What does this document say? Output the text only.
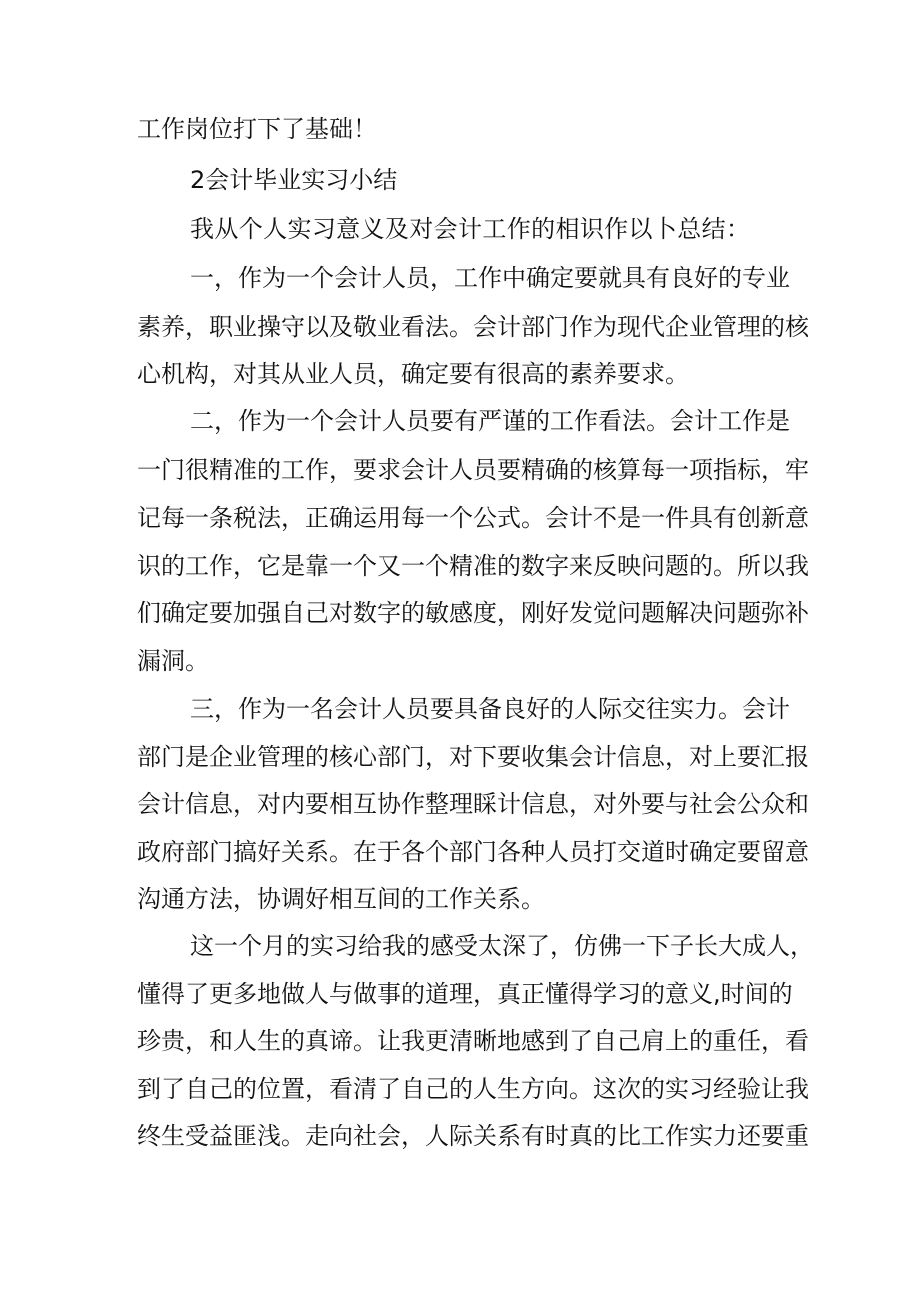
工作岗位打下了基础！
2会计毕业实习小结
我从个人实习意义及对会计工作的相识作以卜总结：
一，作为一个会计人员，工作中确定要就具有良好的专业
素养，职业操守以及敬业看法。会计部门作为现代企业管理的核
心机构，对其从业人员，确定要有很高的素养要求。
二，作为一个会计人员要有严谨的工作看法。会计工作是
一门很精准的工作，要求会计人员要精确的核算每一项指标，牢
记每一条税法，正确运用每一个公式。会计不是一件具有创新意
识的工作，它是靠一个又一个精准的数字来反映问题的。所以我
们确定要加强自己对数字的敏感度，刚好发觉问题解决问题弥补
漏洞。
三，作为一名会计人员要具备良好的人际交往实力。会计
部门是企业管理的核心部门，对下要收集会计信息，对上要汇报
会计信息，对内要相互协作整理睬计信息，对外要与社会公众和
政府部门搞好关系。在于各个部门各种人员打交道时确定要留意
沟通方法，协调好相互间的工作关系。
这一个月的实习给我的感受太深了，仿佛一下子长大成人，
懂得了更多地做人与做事的道理，真正懂得学习的意义,时间的
珍贵，和人生的真谛。让我更清晰地感到了自己肩上的重任，看
到了自己的位置，看清了自己的人生方向。这次的实习经验让我
终生受益匪浅。走向社会，人际关系有时真的比工作实力还要重
